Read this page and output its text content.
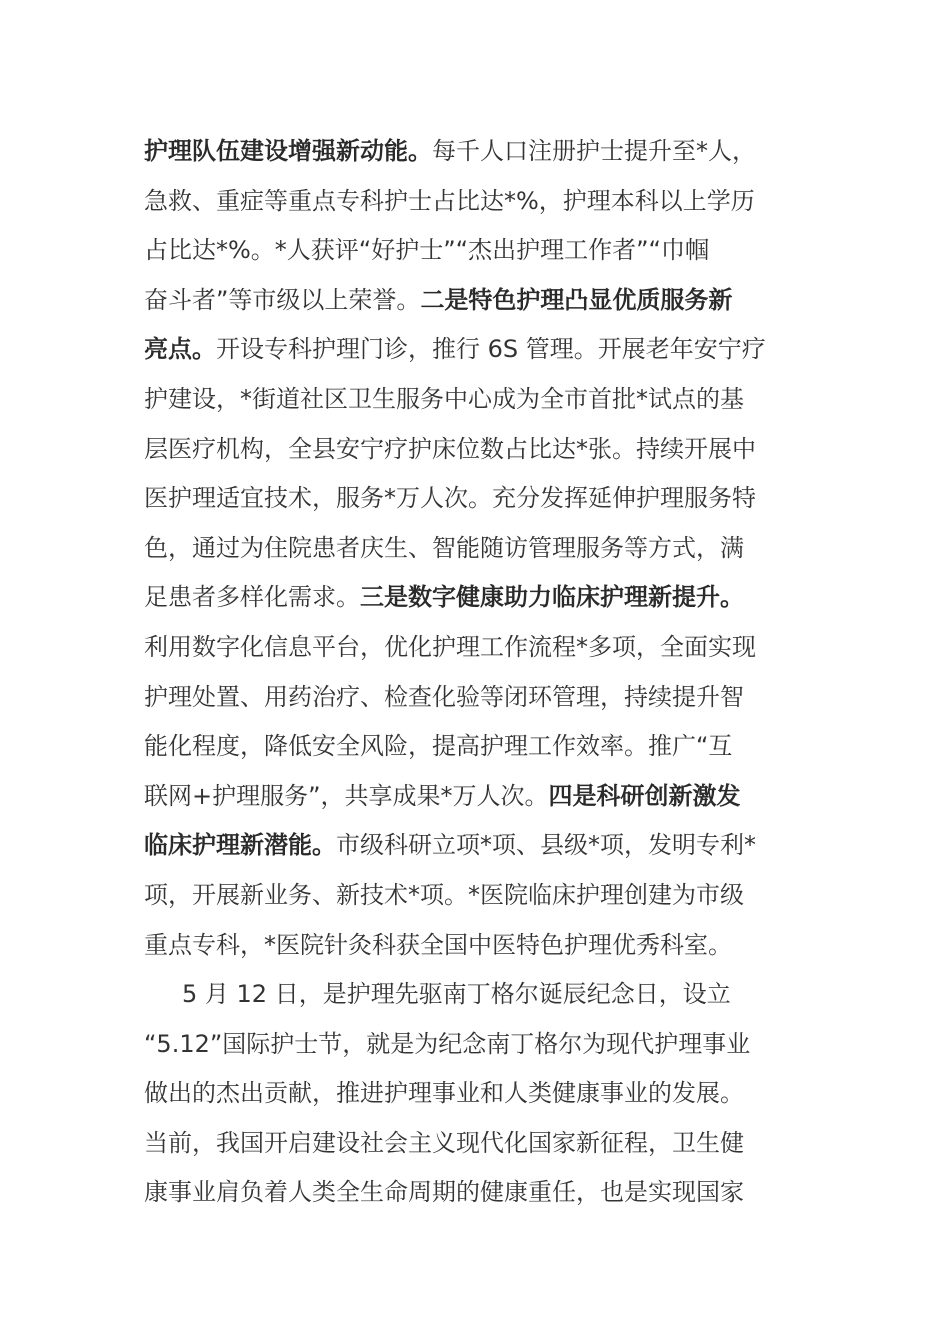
护理队伍建设增强新动能。每千人口注册护士提升至*人，
急救、重症等重点专科护士占比达*%，护理本科以上学历
占比达*%。*人获评“好护士”“杰出护理工作者”“巾帼
奋斗者”等市级以上荣誉。二是特色护理凸显优质服务新
亮点。开设专科护理门诊，推行 6S 管理。开展老年安宁疗
护建设，*街道社区卫生服务中心成为全市首批*试点的基
层医疗机构，全县安宁疗护床位数占比达*张。持续开展中
医护理适宜技术，服务*万人次。充分发挥延伸护理服务特
色，通过为住院患者庆生、智能随访管理服务等方式，满
足患者多样化需求。三是数字健康助力临床护理新提升。
利用数字化信息平台，优化护理工作流程*多项，全面实现
护理处置、用药治疗、检查化验等闭环管理，持续提升智
能化程度，降低安全风险，提高护理工作效率。推广“互
联网+护理服务”，共享成果*万人次。四是科研创新激发
临床护理新潜能。市级科研立项*项、县级*项，发明专利*
项，开展新业务、新技术*项。*医院临床护理创建为市级
重点专科，*医院针灸科获全国中医特色护理优秀科室。
5 月 12 日，是护理先驱南丁格尔诞辰纪念日，设立
“5.12”国际护士节，就是为纪念南丁格尔为现代护理事业
做出的杰出贡献，推进护理事业和人类健康事业的发展。
当前，我国开启建设社会主义现代化国家新征程，卫生健
康事业肩负着人类全生命周期的健康重任，也是实现国家
